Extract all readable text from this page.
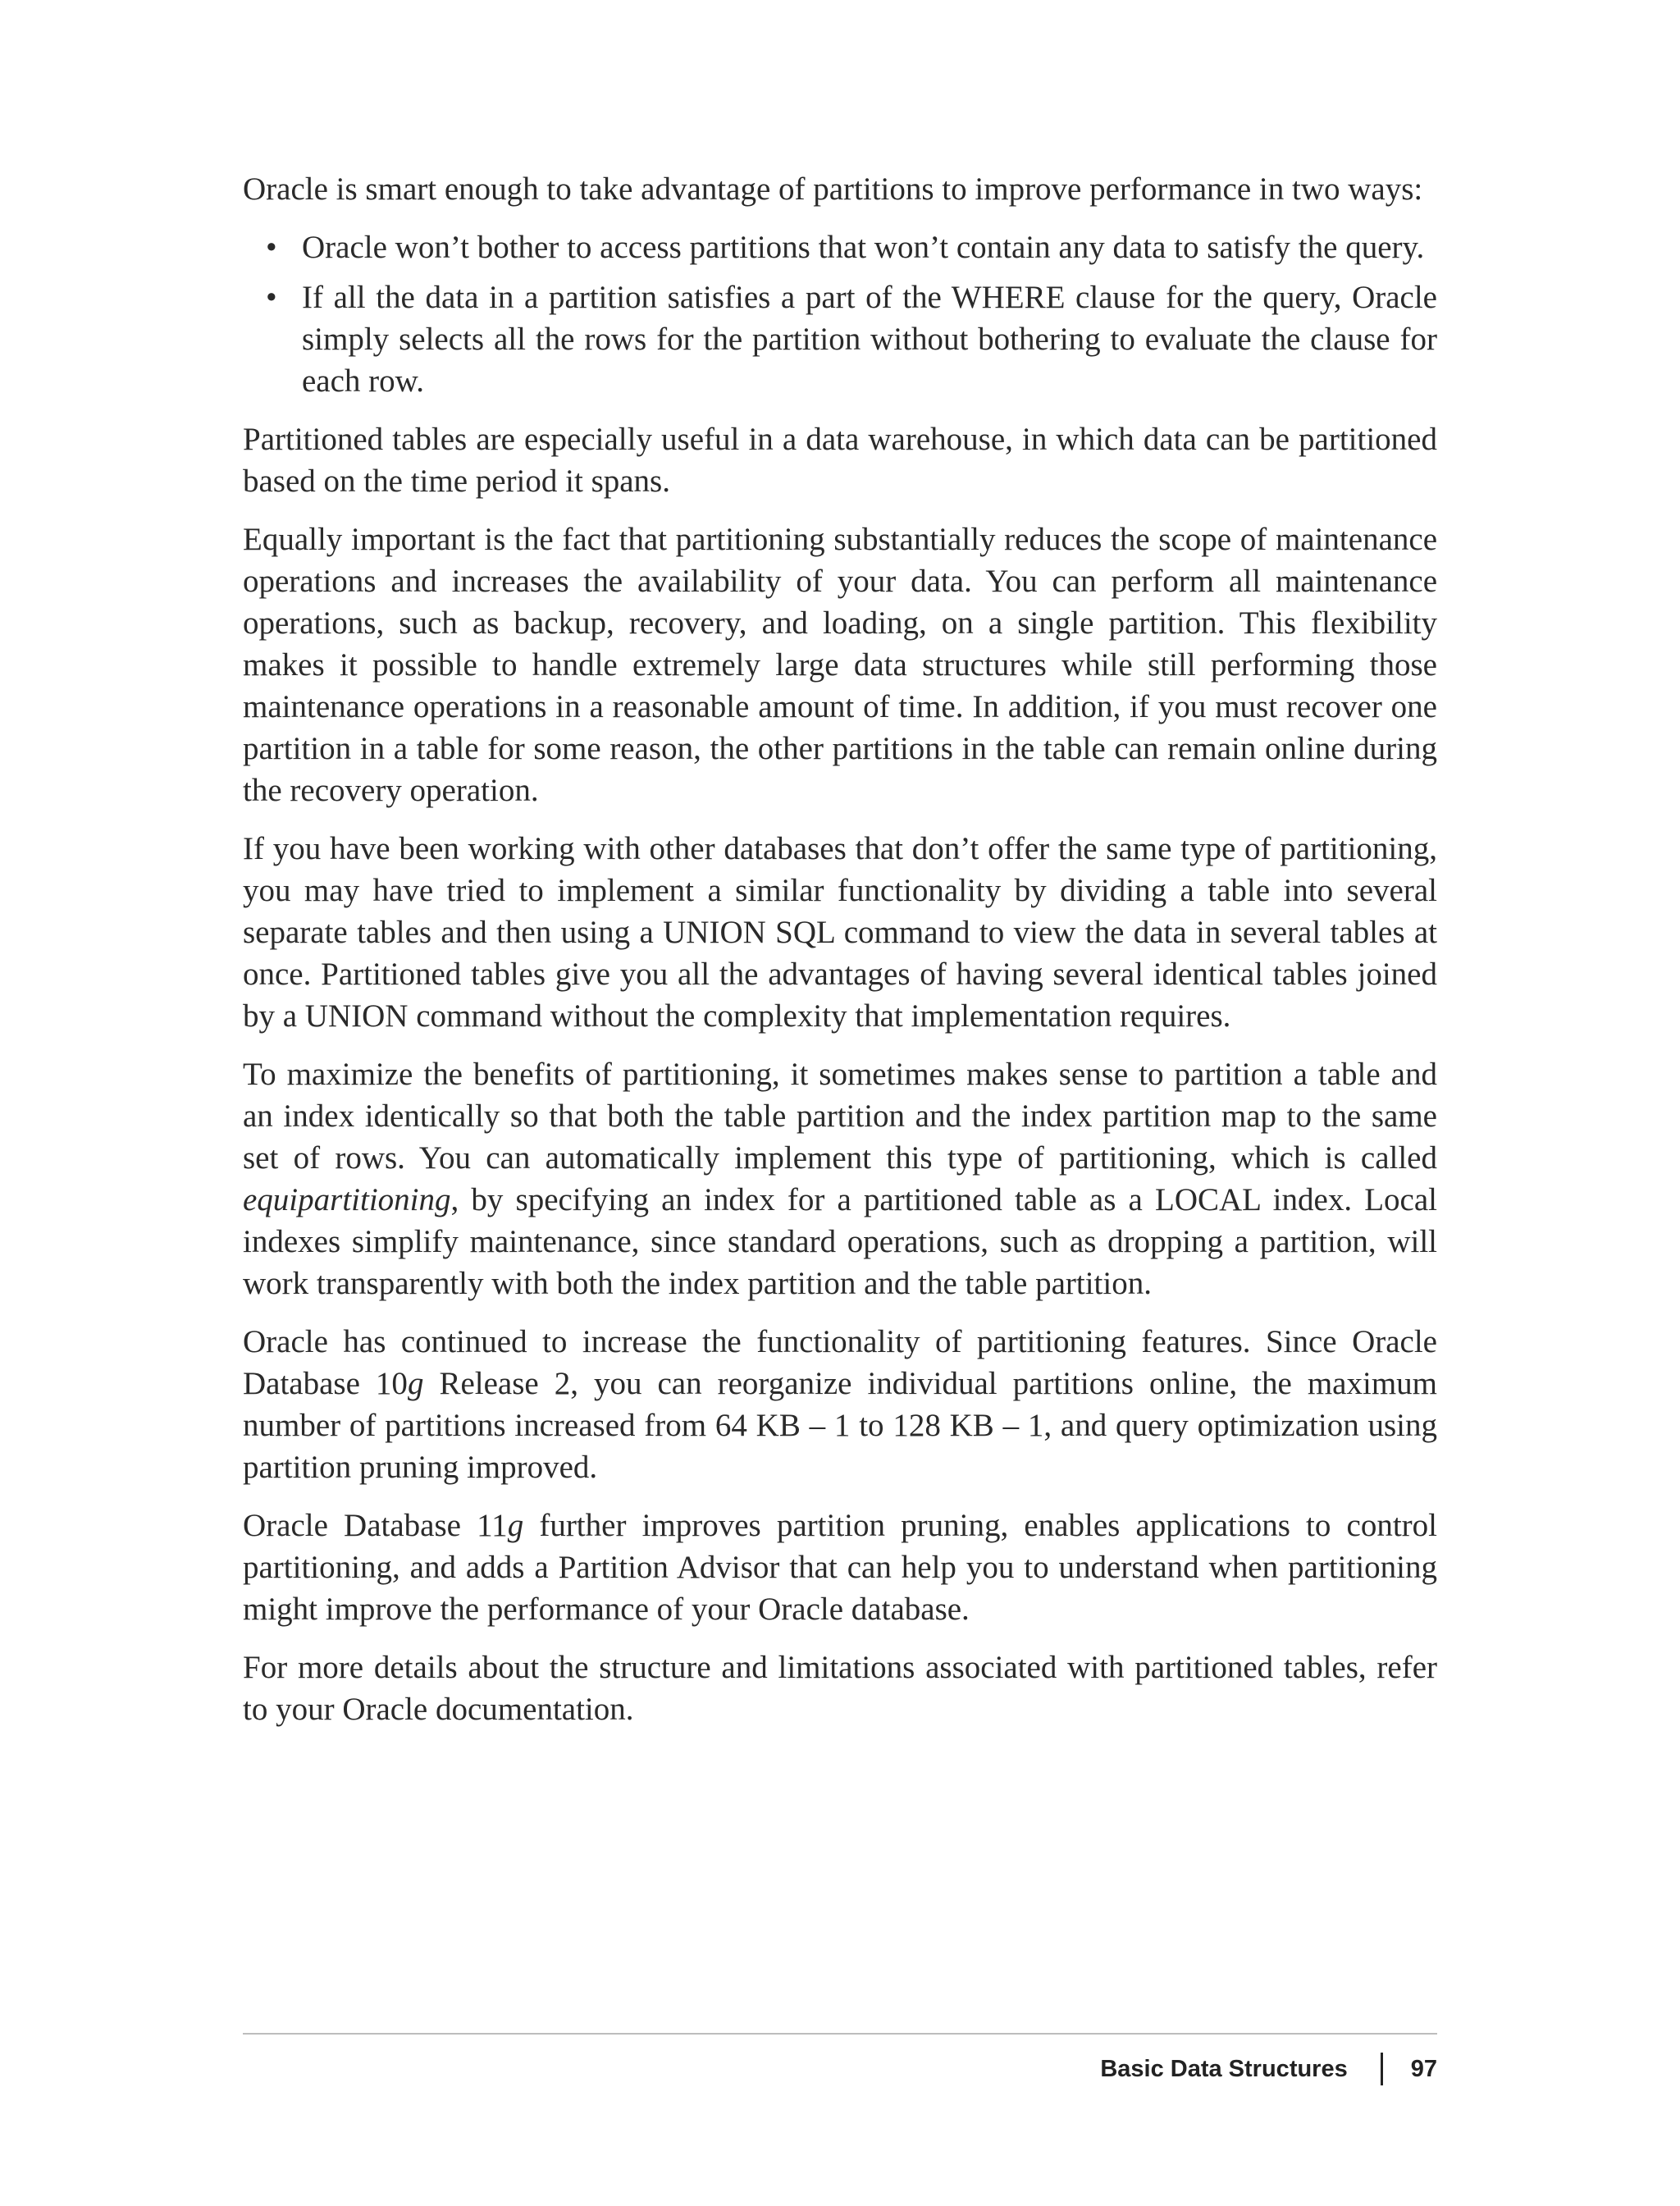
Oracle is smart enough to take advantage of partitions to improve performance in two ways:

• Oracle won’t bother to access partitions that won’t contain any data to satisfy the query.
• If all the data in a partition satisfies a part of the WHERE clause for the query, Oracle simply selects all the rows for the partition without bothering to evaluate the clause for each row.

Partitioned tables are especially useful in a data warehouse, in which data can be partitioned based on the time period it spans.

Equally important is the fact that partitioning substantially reduces the scope of maintenance operations and increases the availability of your data. You can perform all maintenance operations, such as backup, recovery, and loading, on a single partition. This flexibility makes it possible to handle extremely large data structures while still performing those maintenance operations in a reasonable amount of time. In addition, if you must recover one partition in a table for some reason, the other partitions in the table can remain online during the recovery operation.

If you have been working with other databases that don’t offer the same type of partitioning, you may have tried to implement a similar functionality by dividing a table into several separate tables and then using a UNION SQL command to view the data in several tables at once. Partitioned tables give you all the advantages of having several identical tables joined by a UNION command without the complexity that implementation requires.

To maximize the benefits of partitioning, it sometimes makes sense to partition a table and an index identically so that both the table partition and the index partition map to the same set of rows. You can automatically implement this type of partitioning, which is called equipartitioning, by specifying an index for a partitioned table as a LOCAL index. Local indexes simplify maintenance, since standard operations, such as dropping a partition, will work transparently with both the index partition and the table partition.

Oracle has continued to increase the functionality of partitioning features. Since Oracle Database 10g Release 2, you can reorganize individual partitions online, the maximum number of partitions increased from 64 KB – 1 to 128 KB – 1, and query optimization using partition pruning improved.

Oracle Database 11g further improves partition pruning, enables applications to control partitioning, and adds a Partition Advisor that can help you to understand when partitioning might improve the performance of your Oracle database.

For more details about the structure and limitations associated with partitioned tables, refer to your Oracle documentation.

Basic Data Structures	97
